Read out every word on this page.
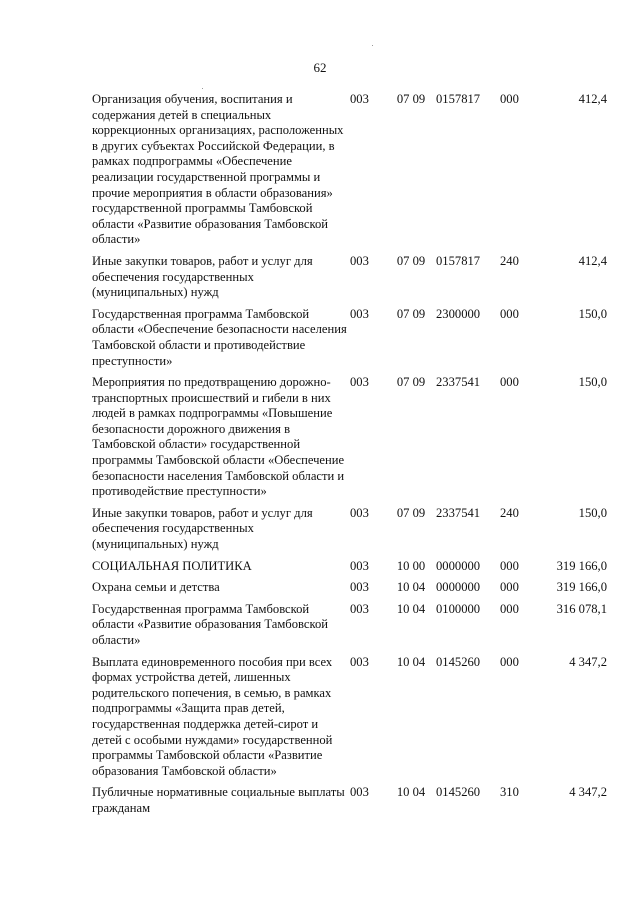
62
Организация обучения, воспитания и содержания детей в специальных коррекционных организациях, расположенных в других субъектах Российской Федерации, в рамках подпрограммы «Обеспечение реализации государственной программы и прочие мероприятия в области образования» государственной программы Тамбовской области «Развитие образования Тамбовской области»	003	07 09	0157817	000	412,4
Иные закупки товаров, работ и услуг для обеспечения государственных (муниципальных) нужд	003	07 09	0157817	240	412,4
Государственная программа Тамбовской области «Обеспечение безопасности населения Тамбовской области и противодействие преступности»	003	07 09	2300000	000	150,0
Мероприятия по предотвращению дорожно-транспортных происшествий и гибели в них людей в рамках подпрограммы «Повышение безопасности дорожного движения в Тамбовской области» государственной программы Тамбовской области «Обеспечение безопасности населения Тамбовской области и противодействие преступности»	003	07 09	2337541	000	150,0
Иные закупки товаров, работ и услуг для обеспечения государственных (муниципальных) нужд	003	07 09	2337541	240	150,0
СОЦИАЛЬНАЯ ПОЛИТИКА	003	10 00	0000000	000	319 166,0
Охрана семьи и детства	003	10 04	0000000	000	319 166,0
Государственная программа Тамбовской области «Развитие образования Тамбовской области»	003	10 04	0100000	000	316 078,1
Выплата единовременного пособия при всех формах устройства детей, лишенных родительского попечения, в семью, в рамках подпрограммы «Защита прав детей, государственная поддержка детей-сирот и детей с особыми нуждами» государственной программы Тамбовской области «Развитие образования Тамбовской области»	003	10 04	0145260	000	4 347,2
Публичные нормативные социальные выплаты гражданам	003	10 04	0145260	310	4 347,2
